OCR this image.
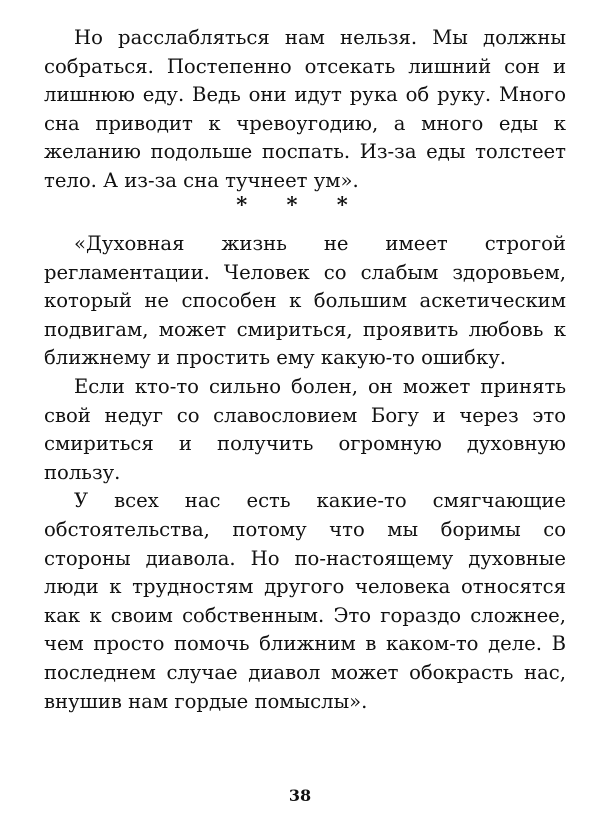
Но расслабляться нам нельзя. Мы должны собраться. Постепенно отсекать лишний сон и лишнюю еду. Ведь они идут рука об руку. Много сна приводит к чревоугодию, а много еды к желанию подольше поспать. Из-за еды толстеет тело. А из-за сна тучнеет ум».

* * *

«Духовная жизнь не имеет строгой регламентации. Человек со слабым здоровьем, который не способен к большим аскетическим подвигам, может смириться, проявить любовь к ближнему и простить ему какую-то ошибку.

Если кто-то сильно болен, он может принять свой недуг со славословием Богу и через это смириться и получить огромную духовную пользу.

У всех нас есть какие-то смягчающие обстоятельства, потому что мы боримы со стороны диавола. Но по-настоящему духовные люди к трудностям другого человека относятся как к своим собственным. Это гораздо сложнее, чем просто помочь ближним в каком-то деле. В последнем случае диавол может обокрасть нас, внушив нам гордые помыслы».

38
